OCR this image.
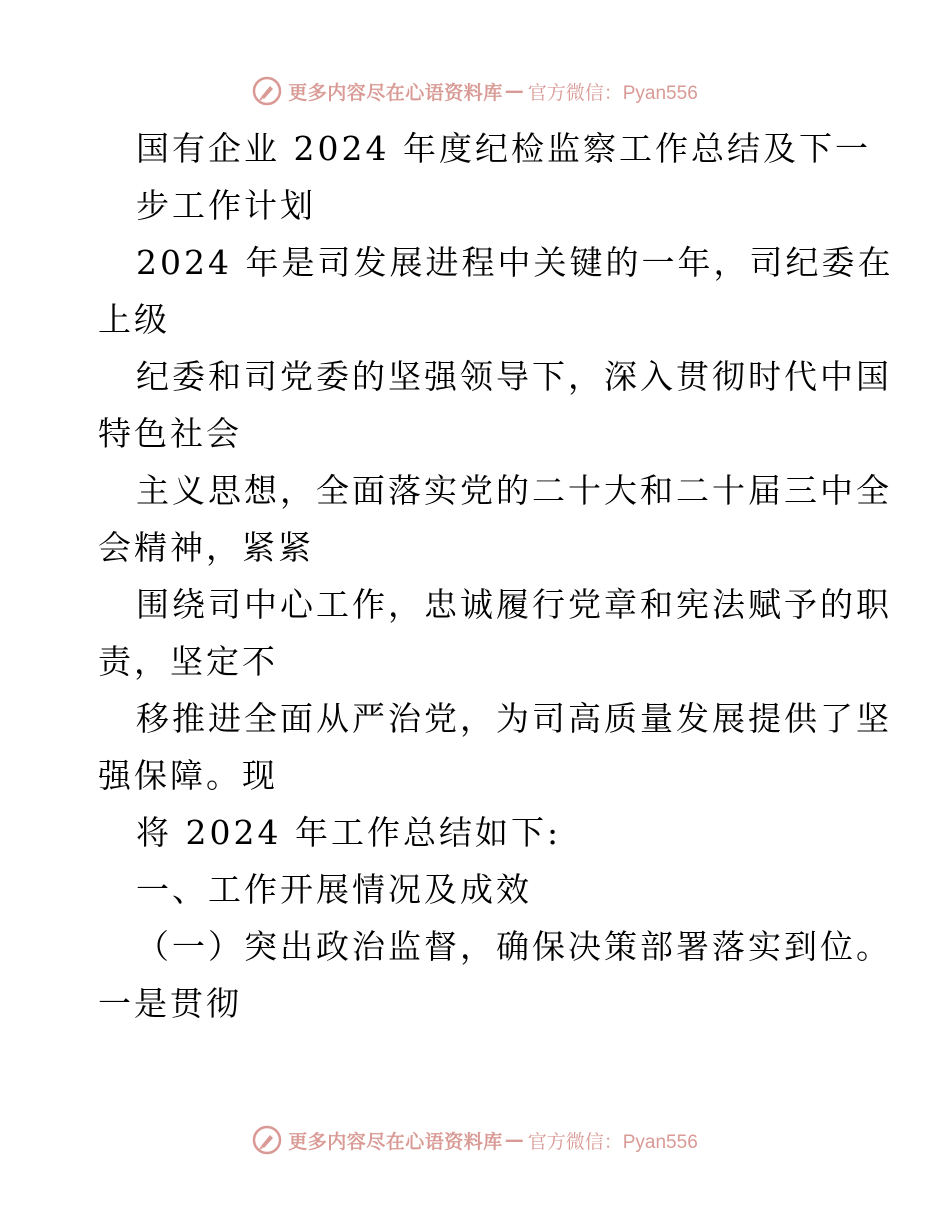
更多内容尽在心语资料库 — 官方微信：Pyan556
国有企业 2024 年度纪检监察工作总结及下一
步工作计划
2024 年是司发展进程中关键的一年，司纪委在
上级
纪委和司党委的坚强领导下，深入贯彻时代中国
特色社会
主义思想，全面落实党的二十大和二十届三中全
会精神，紧紧
围绕司中心工作，忠诚履行党章和宪法赋予的职
责，坚定不
移推进全面从严治党，为司高质量发展提供了坚
强保障。现
将 2024 年工作总结如下:
一、工作开展情况及成效
（一）突出政治监督，确保决策部署落实到位。
一是贯彻
更多内容尽在心语资料库 — 官方微信：Pyan556
